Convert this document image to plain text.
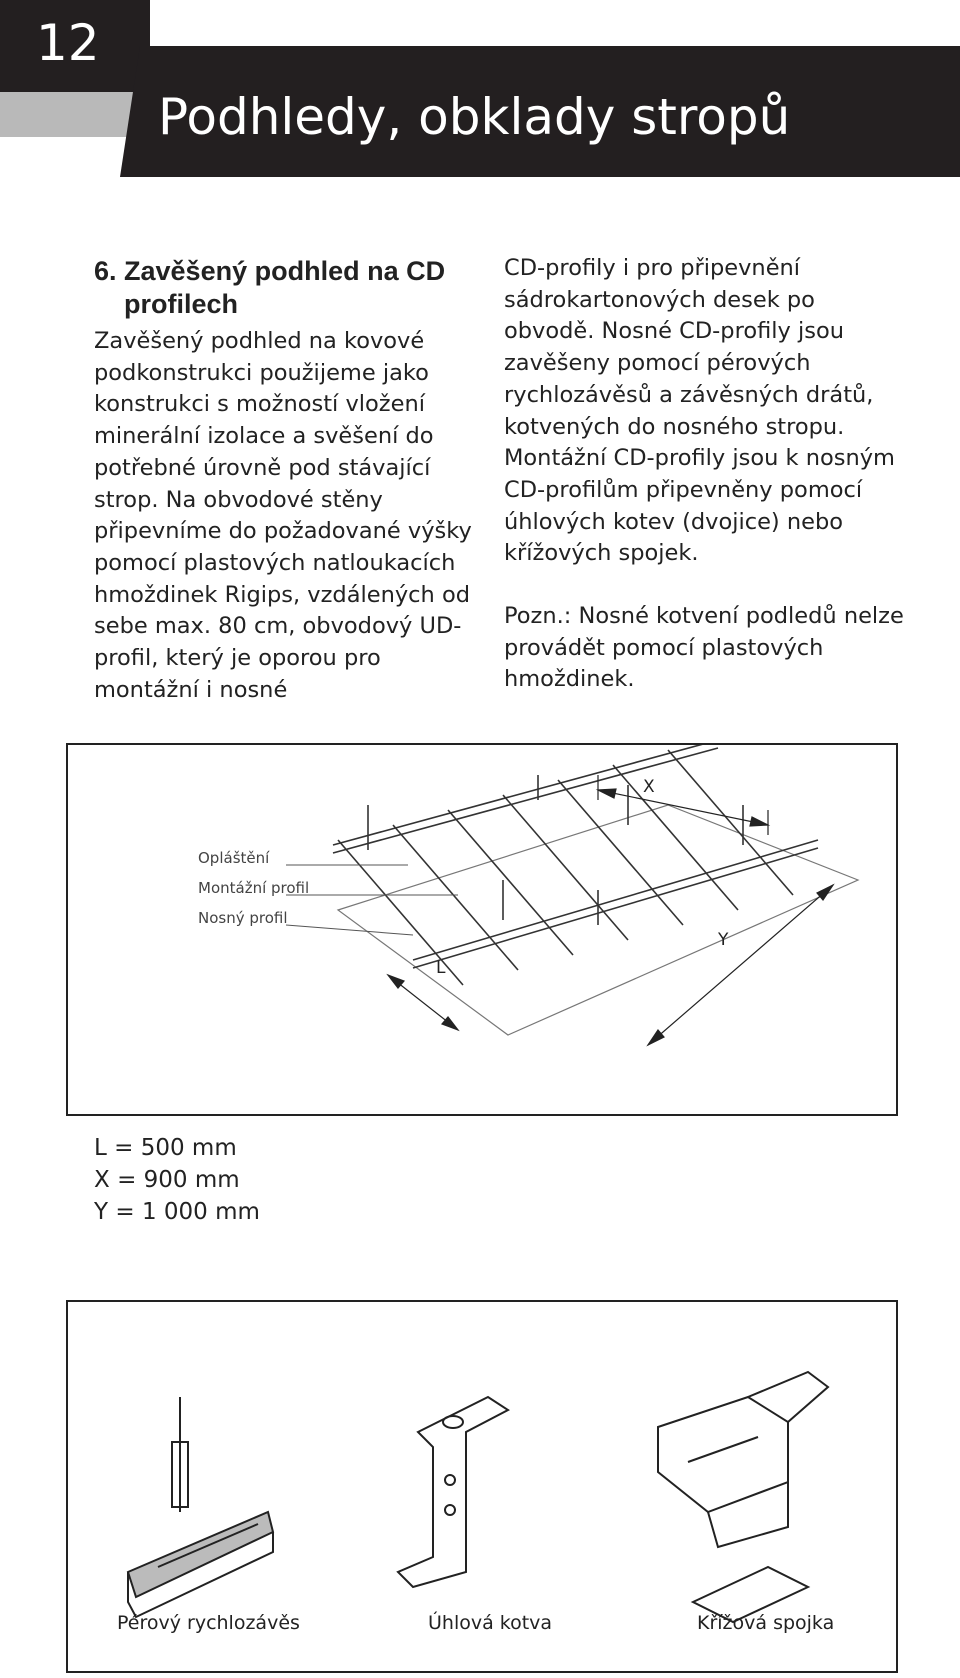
12
Podhledy, obklady stropů
6. Zavěšený podhled na CD profilech

Zavěšený podhled na kovové podkonstrukci použijeme jako konstrukci s možností vložení minerální izolace a svěšení do potřebné úrovně pod stávající strop. Na obvodové stěny připevníme do požadované výšky pomocí plastových natloukacích hmoždinek Rigips, vzdálených od sebe max. 80 cm, obvodový UD-profil, který je oporou pro montážní i nosné

CD-profily i pro připevnění sádrokartonových desek po obvodě. Nosné CD-profily jsou zavěšeny pomocí pérových rychlozávěsů a závěsných drátů, kotvených do nosného stropu. Montážní CD-profily jsou k nosným CD-profilům připevněny pomocí úhlových kotev (dvojice) nebo křížových spojek.

Pozn.: Nosné kotvení podledů nelze provádět pomocí plastových hmoždinek.

Opláštění
Montážní profil
Nosný profil
X
Y
L
L = 500 mm
X = 900 mm
Y = 1 000 mm
Pérový rychlozávěs	Úhlová kotva	Křížová spojka
